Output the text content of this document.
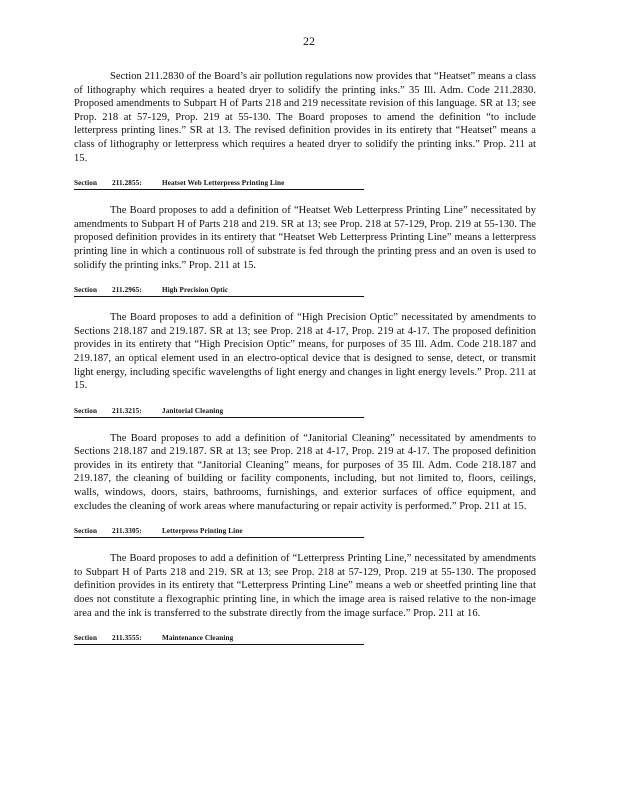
22

Section 211.2830 of the Board’s air pollution regulations now provides that “Heatset” means a class of lithography which requires a heated dryer to solidify the printing inks.” 35 Ill. Adm. Code 211.2830. Proposed amendments to Subpart H of Parts 218 and 219 necessitate revision of this language. SR at 13; see Prop. 218 at 57-129, Prop. 219 at 55-130. The Board proposes to amend the definition “to include letterpress printing lines.” SR at 13. The revised definition provides in its entirety that “Heatset” means a class of lithography or letterpress which requires a heated dryer to solidify the printing inks.” Prop. 211 at 15.

Section 211.2855:	Heatset Web Letterpress Printing Line

The Board proposes to add a definition of “Heatset Web Letterpress Printing Line” necessitated by amendments to Subpart H of Parts 218 and 219. SR at 13; see Prop. 218 at 57-129, Prop. 219 at 55-130. The proposed definition provides in its entirety that “Heatset Web Letterpress Printing Line” means a letterpress printing line in which a continuous roll of substrate is fed through the printing press and an oven is used to solidify the printing inks.” Prop. 211 at 15.

Section 211.2965:	High Precision Optic

The Board proposes to add a definition of “High Precision Optic” necessitated by amendments to Sections 218.187 and 219.187. SR at 13; see Prop. 218 at 4-17, Prop. 219 at 4-17. The proposed definition provides in its entirety that “High Precision Optic” means, for purposes of 35 Ill. Adm. Code 218.187 and 219.187, an optical element used in an electro-optical device that is designed to sense, detect, or transmit light energy, including specific wavelengths of light energy and changes in light energy levels.” Prop. 211 at 15.

Section 211.3215:	Janitorial Cleaning

The Board proposes to add a definition of “Janitorial Cleaning” necessitated by amendments to Sections 218.187 and 219.187. SR at 13; see Prop. 218 at 4-17, Prop. 219 at 4-17. The proposed definition provides in its entirety that “Janitorial Cleaning” means, for purposes of 35 Ill. Adm. Code 218.187 and 219.187, the cleaning of building or facility components, including, but not limited to, floors, ceilings, walls, windows, doors, stairs, bathrooms, furnishings, and exterior surfaces of office equipment, and excludes the cleaning of work areas where manufacturing or repair activity is performed.” Prop. 211 at 15.

Section 211.3305:	Letterpress Printing Line

The Board proposes to add a definition of “Letterpress Printing Line,” necessitated by amendments to Subpart H of Parts 218 and 219. SR at 13; see Prop. 218 at 57-129, Prop. 219 at 55-130. The proposed definition provides in its entirety that “Letterpress Printing Line” means a web or sheetfed printing line that does not constitute a flexographic printing line, in which the image area is raised relative to the non-image area and the ink is transferred to the substrate directly from the image surface.” Prop. 211 at 16.

Section 211.3555:	Maintenance Cleaning
